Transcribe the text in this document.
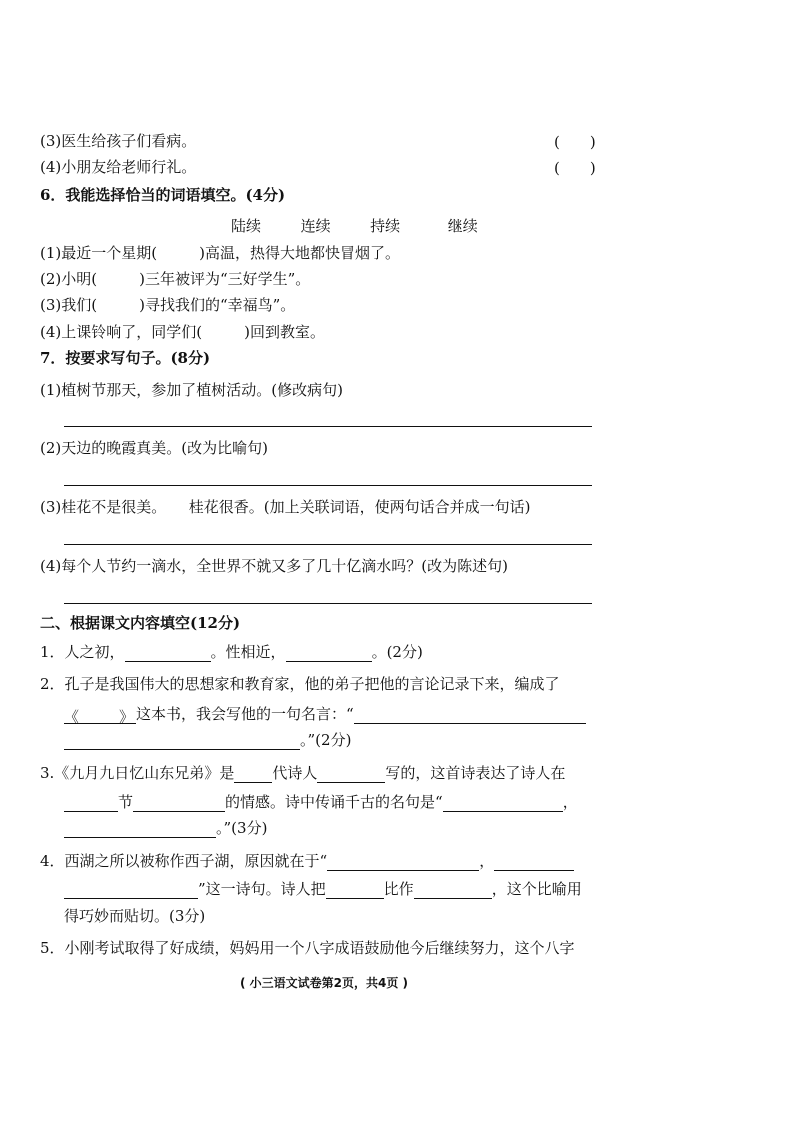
(3)医生给孩子们看病。	(　　)
(4)小朋友给老师行礼。	(　　)
6．我能选择恰当的词语填空。(4分)
陆续	连续	持续	继续
(1)最近一个星期(	)高温，热得大地都快冒烟了。
(2)小明(	)三年被评为“三好学生”。
(3)我们(	)寻找我们的“幸福鸟”。
(4)上课铃响了，同学们(	)回到教室。
7．按要求写句子。(8分)
(1)植树节那天，参加了植树活动。(修改病句)
(2)天边的晚霞真美。(改为比喻句)
(3)桂花不是很美。　　桂花很香。(加上关联词语，使两句话合并成一句话)
(4)每个人节约一滴水，全世界不就又多了几十亿滴水吗？(改为陈述句)
二、根据课文内容填空(12分)
1．人之初，	。性相近，	。(2分)
2．孔子是我国伟大的思想家和教育家，他的弟子把他的言论记录下来，编成了
《	》 这本书，我会写他的一句名言：“
。”(2分)
3.《九月九日忆山东兄弟》是	代诗人	写的，这首诗表达了诗人在
节	的情感。诗中传诵千古的名句是“	，
。”(3分)
4．西湖之所以被称作西子湖，原因就在于“	，
”这一诗句。诗人把	比作	，这个比喻用
得巧妙而贴切。(3分)
5．小刚考试取得了好成绩，妈妈用一个八字成语鼓励他今后继续努力，这个八字
( 小三语文试卷第2页，共4页 )
